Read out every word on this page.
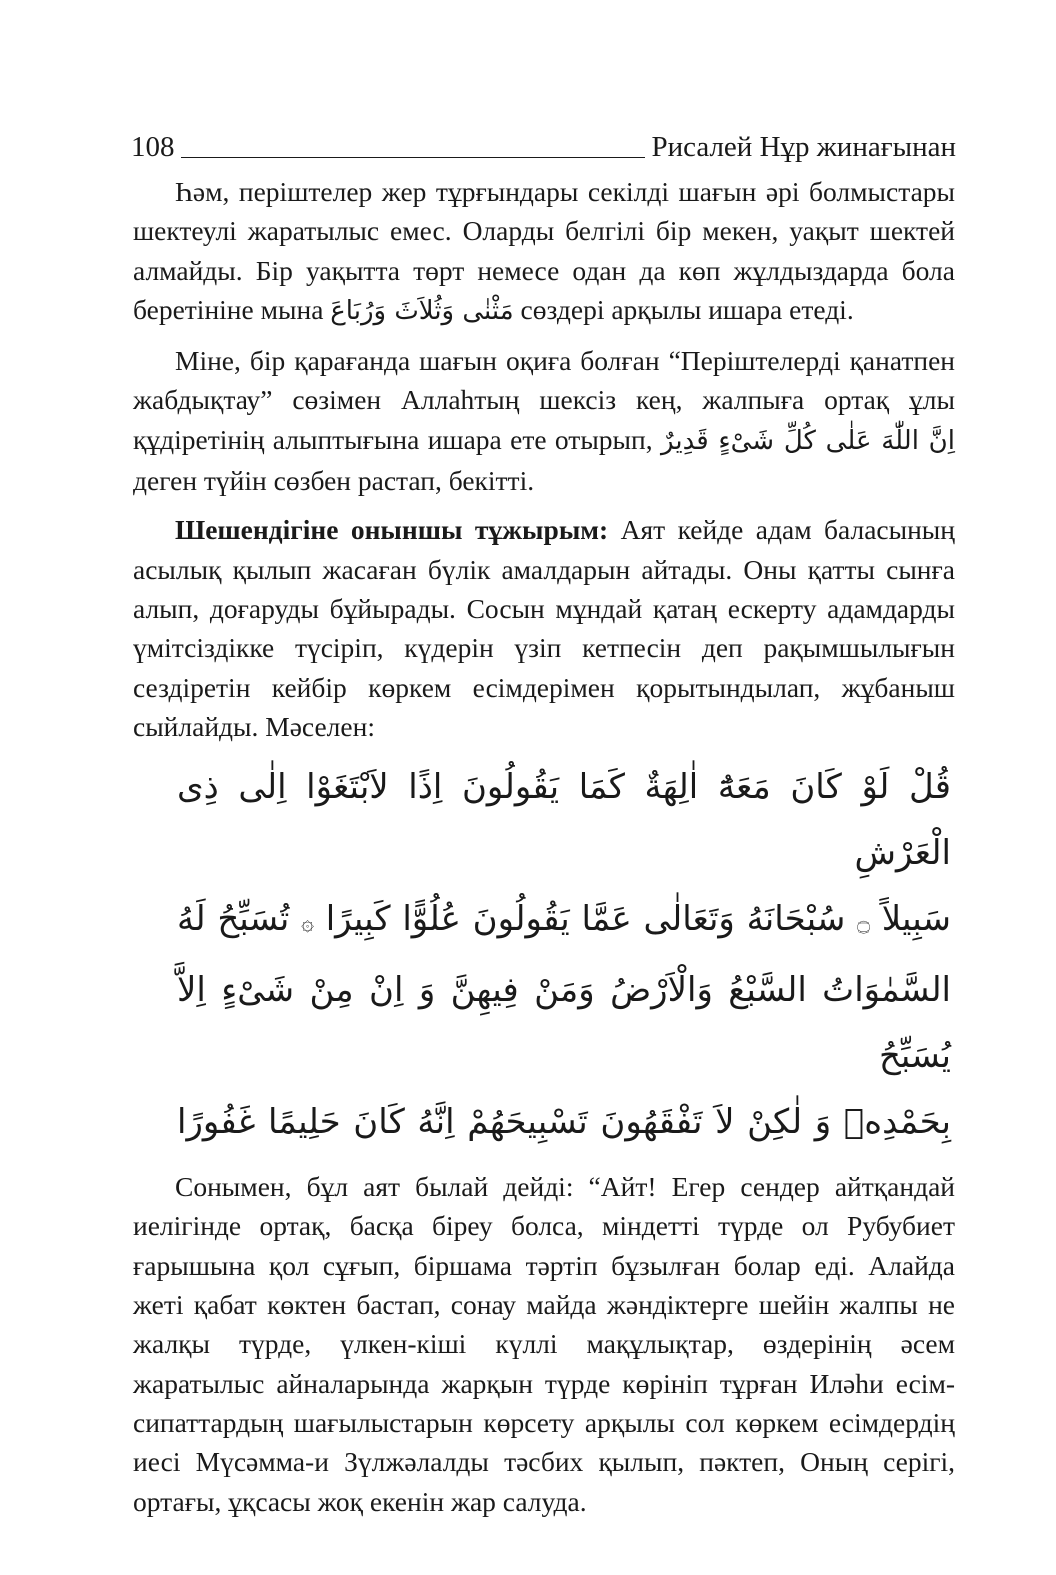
108	Рисалей Нұр жинағынан

Һәм, періштелер жер тұрғындары секілді шағын әрі болмыстары шектеулі жаратылыс емес. Оларды белгілі бір мекен, уақыт шектей алмайды. Бір уақытта төрт немесе одан да көп жұлдыздарда бола беретініне мына مَثْنٰى وَثُلاَثَ وَرُبَاعَ сөздері арқылы ишара етеді.

Міне, бір қарағанда шағын оқиға болған “Періштелерді қанатпен жабдықтау” сөзімен Аллаһтың шексіз кең, жалпыға ортақ ұлы құдіретінің алыптығына ишара ете отырып, اِنَّ اللّٰهَ عَلٰى كُلِّ شَىْءٍ قَدِيرٌ деген түйін сөзбен растап, бекітті.

Шешендігіне оныншы тұжырым: Аят кейде адам баласының асылық қылып жасаған бүлік амалдарын айтады. Оны қатты сынға алып, доғаруды бұйырады. Сосын мұндай қатаң ескерту адамдарды үмітсіздікке түсіріп, күдерін үзіп кетпесін деп рақымшылығын сездіретін кейбір көркем есімдерімен қорытындылап, жұбаныш сыйлайды. Мәселен:

قُلْ لَوْ كَانَ مَعَهُٓ اٰلِهَةٌ كَمَا يَقُولُونَ اِذًا لاَبْتَغَوْا اِلٰى ذِى الْعَرْشِ
سَبِيلاً ۝ سُبْحَانَهُ وَتَعَالٰى عَمَّا يَقُولُونَ عُلُوًّا كَبِيرًا ۞ تُسَبِّحُ لَهُ
السَّمٰوَاتُ السَّبْعُ وَالْاَرْضُ وَمَنْ فِيهِنَّ وَ اِنْ مِنْ شَىْءٍ اِلاَّ يُسَبِّحُ
بِحَمْدِهٖ وَ لٰكِنْ لاَ تَفْقَهُونَ تَسْبِيحَهُمْ اِنَّهُ كَانَ حَلِيمًا غَفُورًا

Сонымен, бұл аят былай дейді: “Айт! Егер сендер айтқандай иелігінде ортақ, басқа біреу болса, міндетті түрде ол Рубубиет ғарышына қол сұғып, біршама тәртіп бұзылған болар еді. Алайда жеті қабат көктен бастап, сонау майда жәндіктерге шейін жалпы не жалқы түрде, үлкен-кіші күллі мақұлықтар, өздерінің әсем жаратылыс айналарында жарқын түрде көрініп тұрған Иләһи есім-сипаттардың шағылыстарын көрсету арқылы сол көркем есімдердің иесі Мүсәмма-и Зүлжәлалды тәсбих қылып, пәктеп, Оның серігі, ортағы, ұқсасы жоқ екенін жар салуда.
